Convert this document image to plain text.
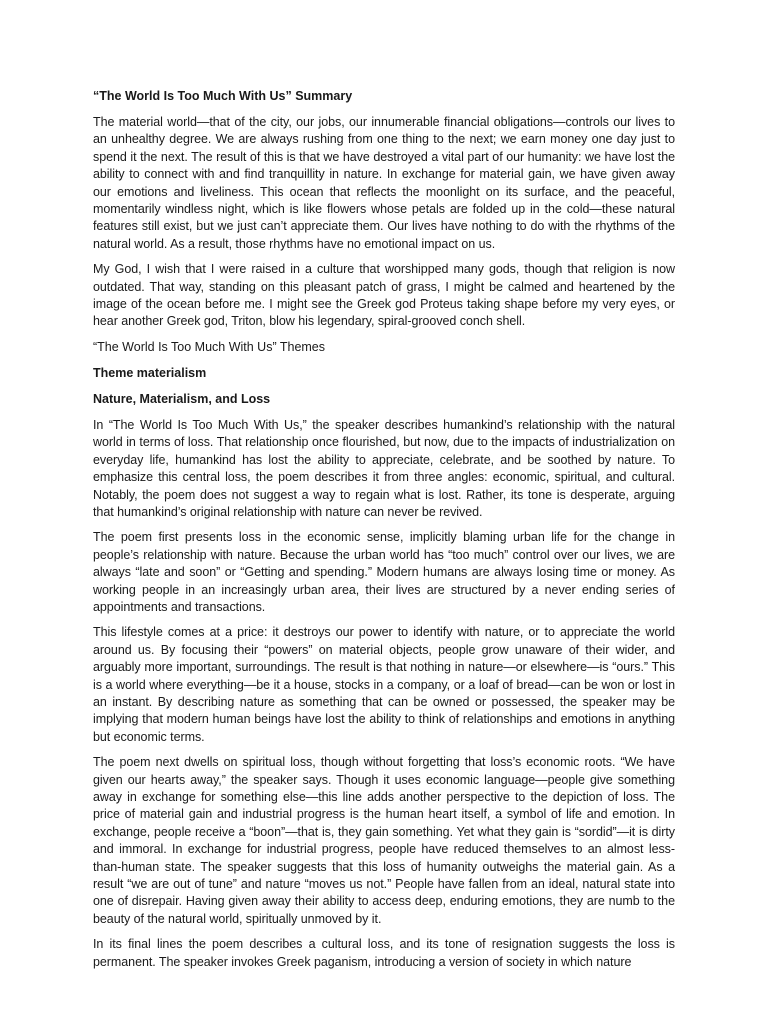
“The World Is Too Much With Us” Summary

The material world—that of the city, our jobs, our innumerable financial obligations—controls our lives to an unhealthy degree. We are always rushing from one thing to the next; we earn money one day just to spend it the next. The result of this is that we have destroyed a vital part of our humanity: we have lost the ability to connect with and find tranquillity in nature. In exchange for material gain, we have given away our emotions and liveliness. This ocean that reflects the moonlight on its surface, and the peaceful, momentarily windless night, which is like flowers whose petals are folded up in the cold—these natural features still exist, but we just can’t appreciate them. Our lives have nothing to do with the rhythms of the natural world. As a result, those rhythms have no emotional impact on us.

My God, I wish that I were raised in a culture that worshipped many gods, though that religion is now outdated. That way, standing on this pleasant patch of grass, I might be calmed and heartened by the image of the ocean before me. I might see the Greek god Proteus taking shape before my very eyes, or hear another Greek god, Triton, blow his legendary, spiral-grooved conch shell.

“The World Is Too Much With Us” Themes
Theme materialism
Nature, Materialism, and Loss

In “The World Is Too Much With Us,” the speaker describes humankind’s relationship with the natural world in terms of loss. That relationship once flourished, but now, due to the impacts of industrialization on everyday life, humankind has lost the ability to appreciate, celebrate, and be soothed by nature. To emphasize this central loss, the poem describes it from three angles: economic, spiritual, and cultural. Notably, the poem does not suggest a way to regain what is lost. Rather, its tone is desperate, arguing that humankind’s original relationship with nature can never be revived.

The poem first presents loss in the economic sense, implicitly blaming urban life for the change in people’s relationship with nature. Because the urban world has “too much” control over our lives, we are always “late and soon” or “Getting and spending.” Modern humans are always losing time or money. As working people in an increasingly urban area, their lives are structured by a never ending series of appointments and transactions.

This lifestyle comes at a price: it destroys our power to identify with nature, or to appreciate the world around us. By focusing their “powers” on material objects, people grow unaware of their wider, and arguably more important, surroundings. The result is that nothing in nature—or elsewhere—is “ours.” This is a world where everything—be it a house, stocks in a company, or a loaf of bread—can be won or lost in an instant. By describing nature as something that can be owned or possessed, the speaker may be implying that modern human beings have lost the ability to think of relationships and emotions in anything but economic terms.

The poem next dwells on spiritual loss, though without forgetting that loss’s economic roots. “We have given our hearts away,” the speaker says. Though it uses economic language—people give something away in exchange for something else—this line adds another perspective to the depiction of loss. The price of material gain and industrial progress is the human heart itself, a symbol of life and emotion. In exchange, people receive a “boon”—that is, they gain something. Yet what they gain is “sordid”—it is dirty and immoral. In exchange for industrial progress, people have reduced themselves to an almost less-than-human state. The speaker suggests that this loss of humanity outweighs the material gain. As a result “we are out of tune” and nature “moves us not.” People have fallen from an ideal, natural state into one of disrepair. Having given away their ability to access deep, enduring emotions, they are numb to the beauty of the natural world, spiritually unmoved by it.

In its final lines the poem describes a cultural loss, and its tone of resignation suggests the loss is permanent. The speaker invokes Greek paganism, introducing a version of society in which nature
